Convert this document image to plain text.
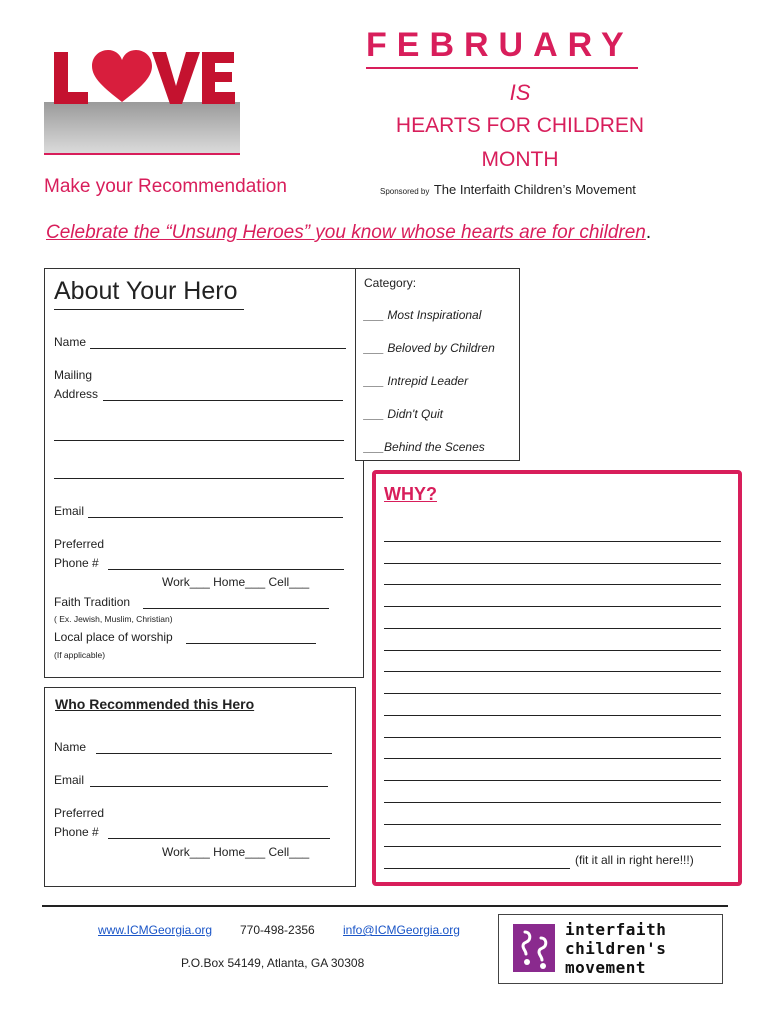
LOVE
Make your Recommendation
FEBRUARY
IS
HEARTS FOR CHILDREN
MONTH
Sponsored by The Interfaith Children’s Movement
Celebrate the “Unsung Heroes” you know whose hearts are for children.
About Your Hero
Name
Mailing
Address
Email
Preferred
Phone #
Work___ Home___ Cell___
Faith Tradition
( Ex. Jewish, Muslim, Christian)
Local place of worship
(If applicable)
Category:
___ Most Inspirational
___ Beloved by Children
___ Intrepid Leader
___ Didn't Quit
___Behind the Scenes
WHY?
(fit it all in right here!!!)
Who Recommended this Hero
Name
Email
Preferred
Phone #
Work___ Home___ Cell___
www.ICMGeorgia.org 770-498-2356 info@ICMGeorgia.org
P.O.Box 54149, Atlanta, GA 30308
interfaith
children's
movement
